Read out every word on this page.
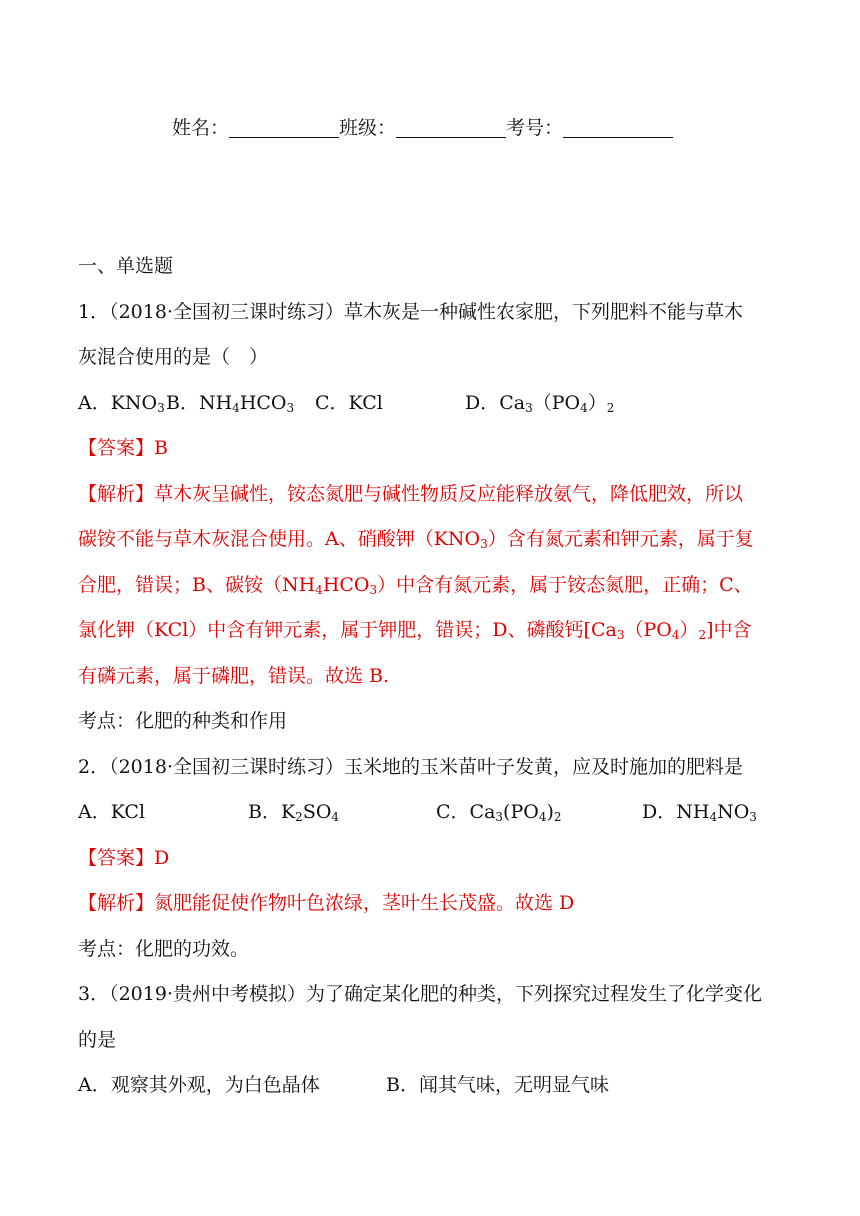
姓名：	班级：	考号：
一、单选题
1．（2018·全国初三课时练习）草木灰是一种碱性农家肥，下列肥料不能与草木
灰混合使用的是（　）
A．$KNO_3$ B．$NH_4HCO_3$ C．KCl	D．$Ca_3(PO_4)_2$
【答案】B
【解析】草木灰呈碱性，铵态氮肥与碱性物质反应能释放氨气，降低肥效，所以
碳铵不能与草木灰混合使用。A、硝酸钾$(KNO_3)$含有氮元素和钾元素，属于复
合肥，错误；B、碳铵$(NH_4HCO_3)$中含有氮元素，属于铵态氮肥，正确；C、
氯化钾（KCl）中含有钾元素，属于钾肥，错误；D、磷酸钙$[Ca_3(PO_4)_2]$中含
有磷元素，属于磷肥，错误。故选 B.
考点：化肥的种类和作用
2．（2018·全国初三课时练习）玉米地的玉米苗叶子发黄，应及时施加的肥料是
A．KCl	B．$K_2SO_4$	C．$Ca_3(PO_4)_2$	D．$NH_4NO_3$
【答案】D
【解析】氮肥能促使作物叶色浓绿，茎叶生长茂盛。故选 D
考点：化肥的功效。
3．（2019·贵州中考模拟）为了确定某化肥的种类，下列探究过程发生了化学变化
的是
A．观察其外观，为白色晶体	B．闻其气味，无明显气味
